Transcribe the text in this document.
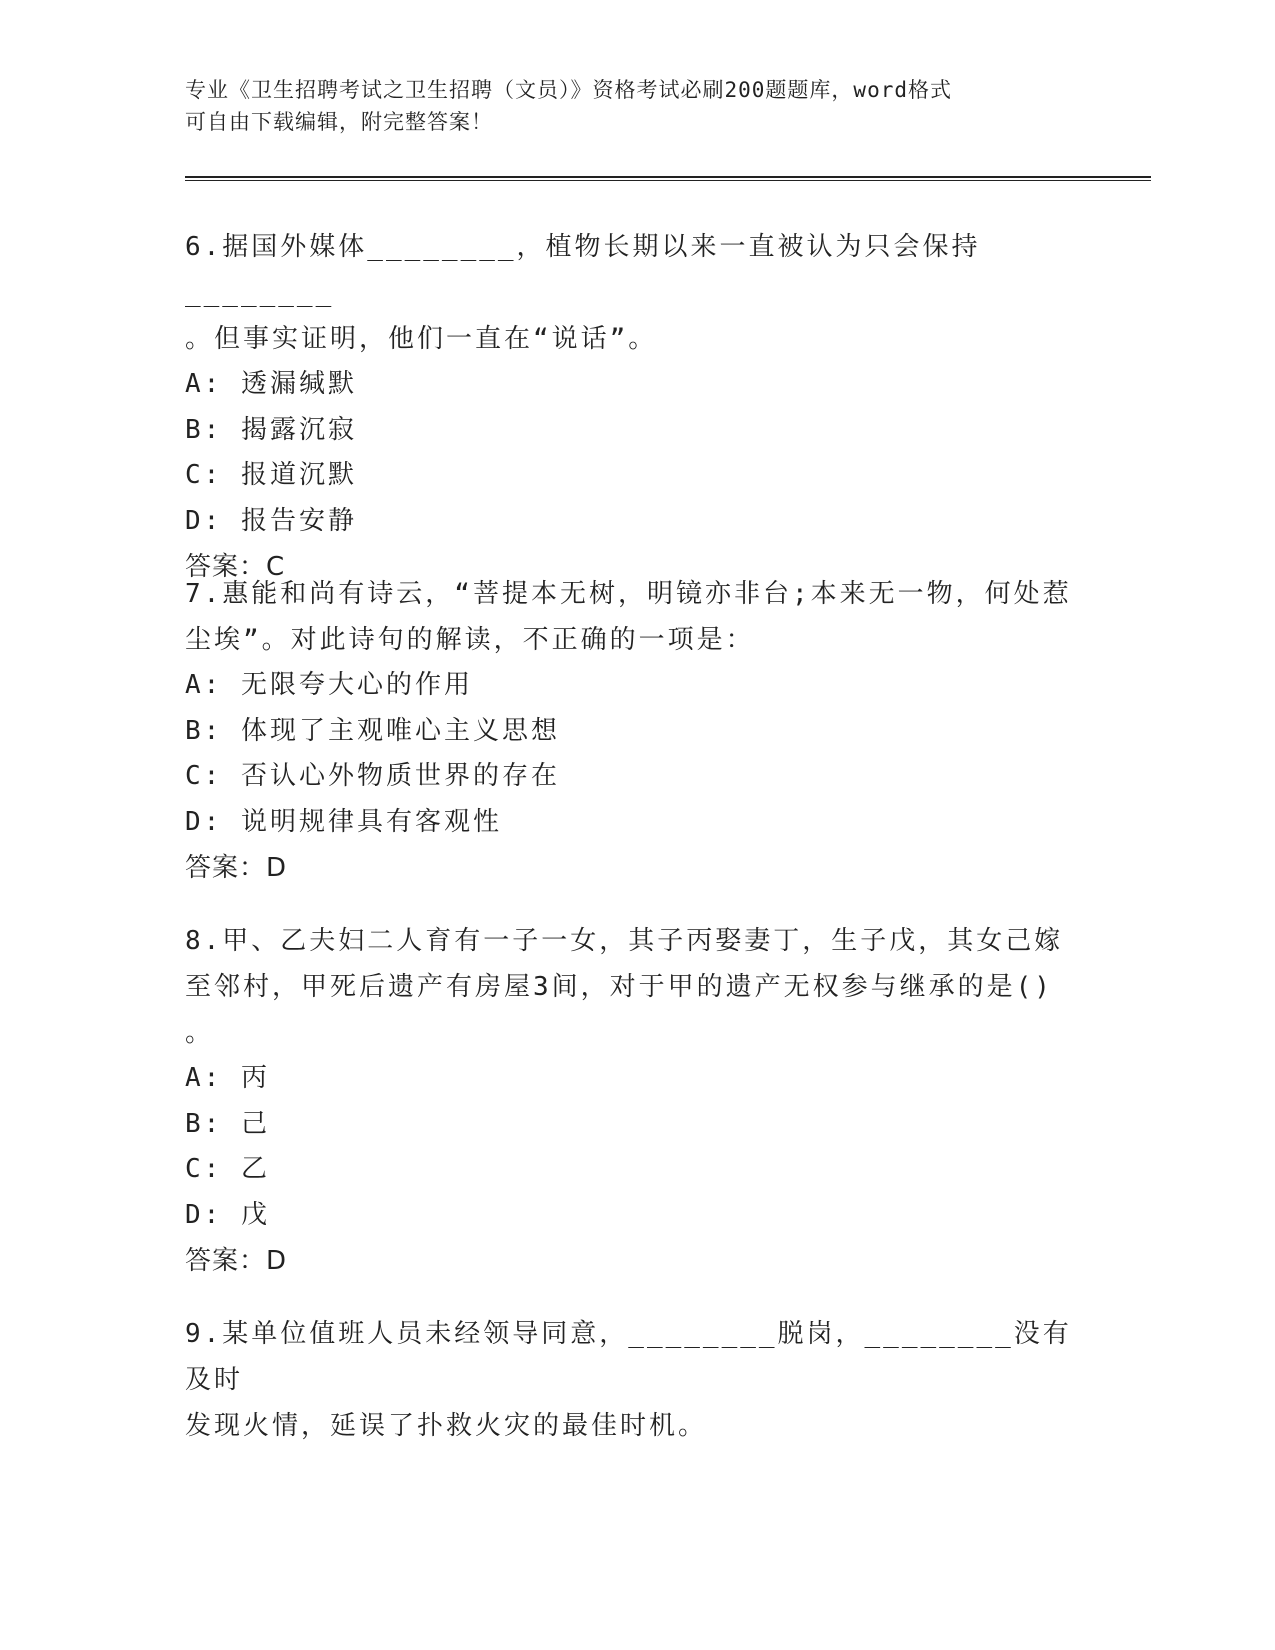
专业《卫生招聘考试之卫生招聘（文员）》资格考试必刷200题题库，word格式
可自由下载编辑，附完整答案！
6.据国外媒体________，植物长期以来一直被认为只会保持________
。但事实证明，他们一直在“说话”。
A: 透漏缄默
B: 揭露沉寂
C: 报道沉默
D: 报告安静
答案：C
7.惠能和尚有诗云，“菩提本无树，明镜亦非台;本来无一物，何处惹
尘埃”。对此诗句的解读，不正确的一项是：
A: 无限夸大心的作用
B: 体现了主观唯心主义思想
C: 否认心外物质世界的存在
D: 说明规律具有客观性
答案：D
8.甲、乙夫妇二人育有一子一女，其子丙娶妻丁，生子戊，其女己嫁
至邻村，甲死后遗产有房屋3间，对于甲的遗产无权参与继承的是()
。
A: 丙
B: 己
C: 乙
D: 戊
答案：D
9.某单位值班人员未经领导同意，________脱岗，________没有及时
发现火情，延误了扑救火灾的最佳时机。
